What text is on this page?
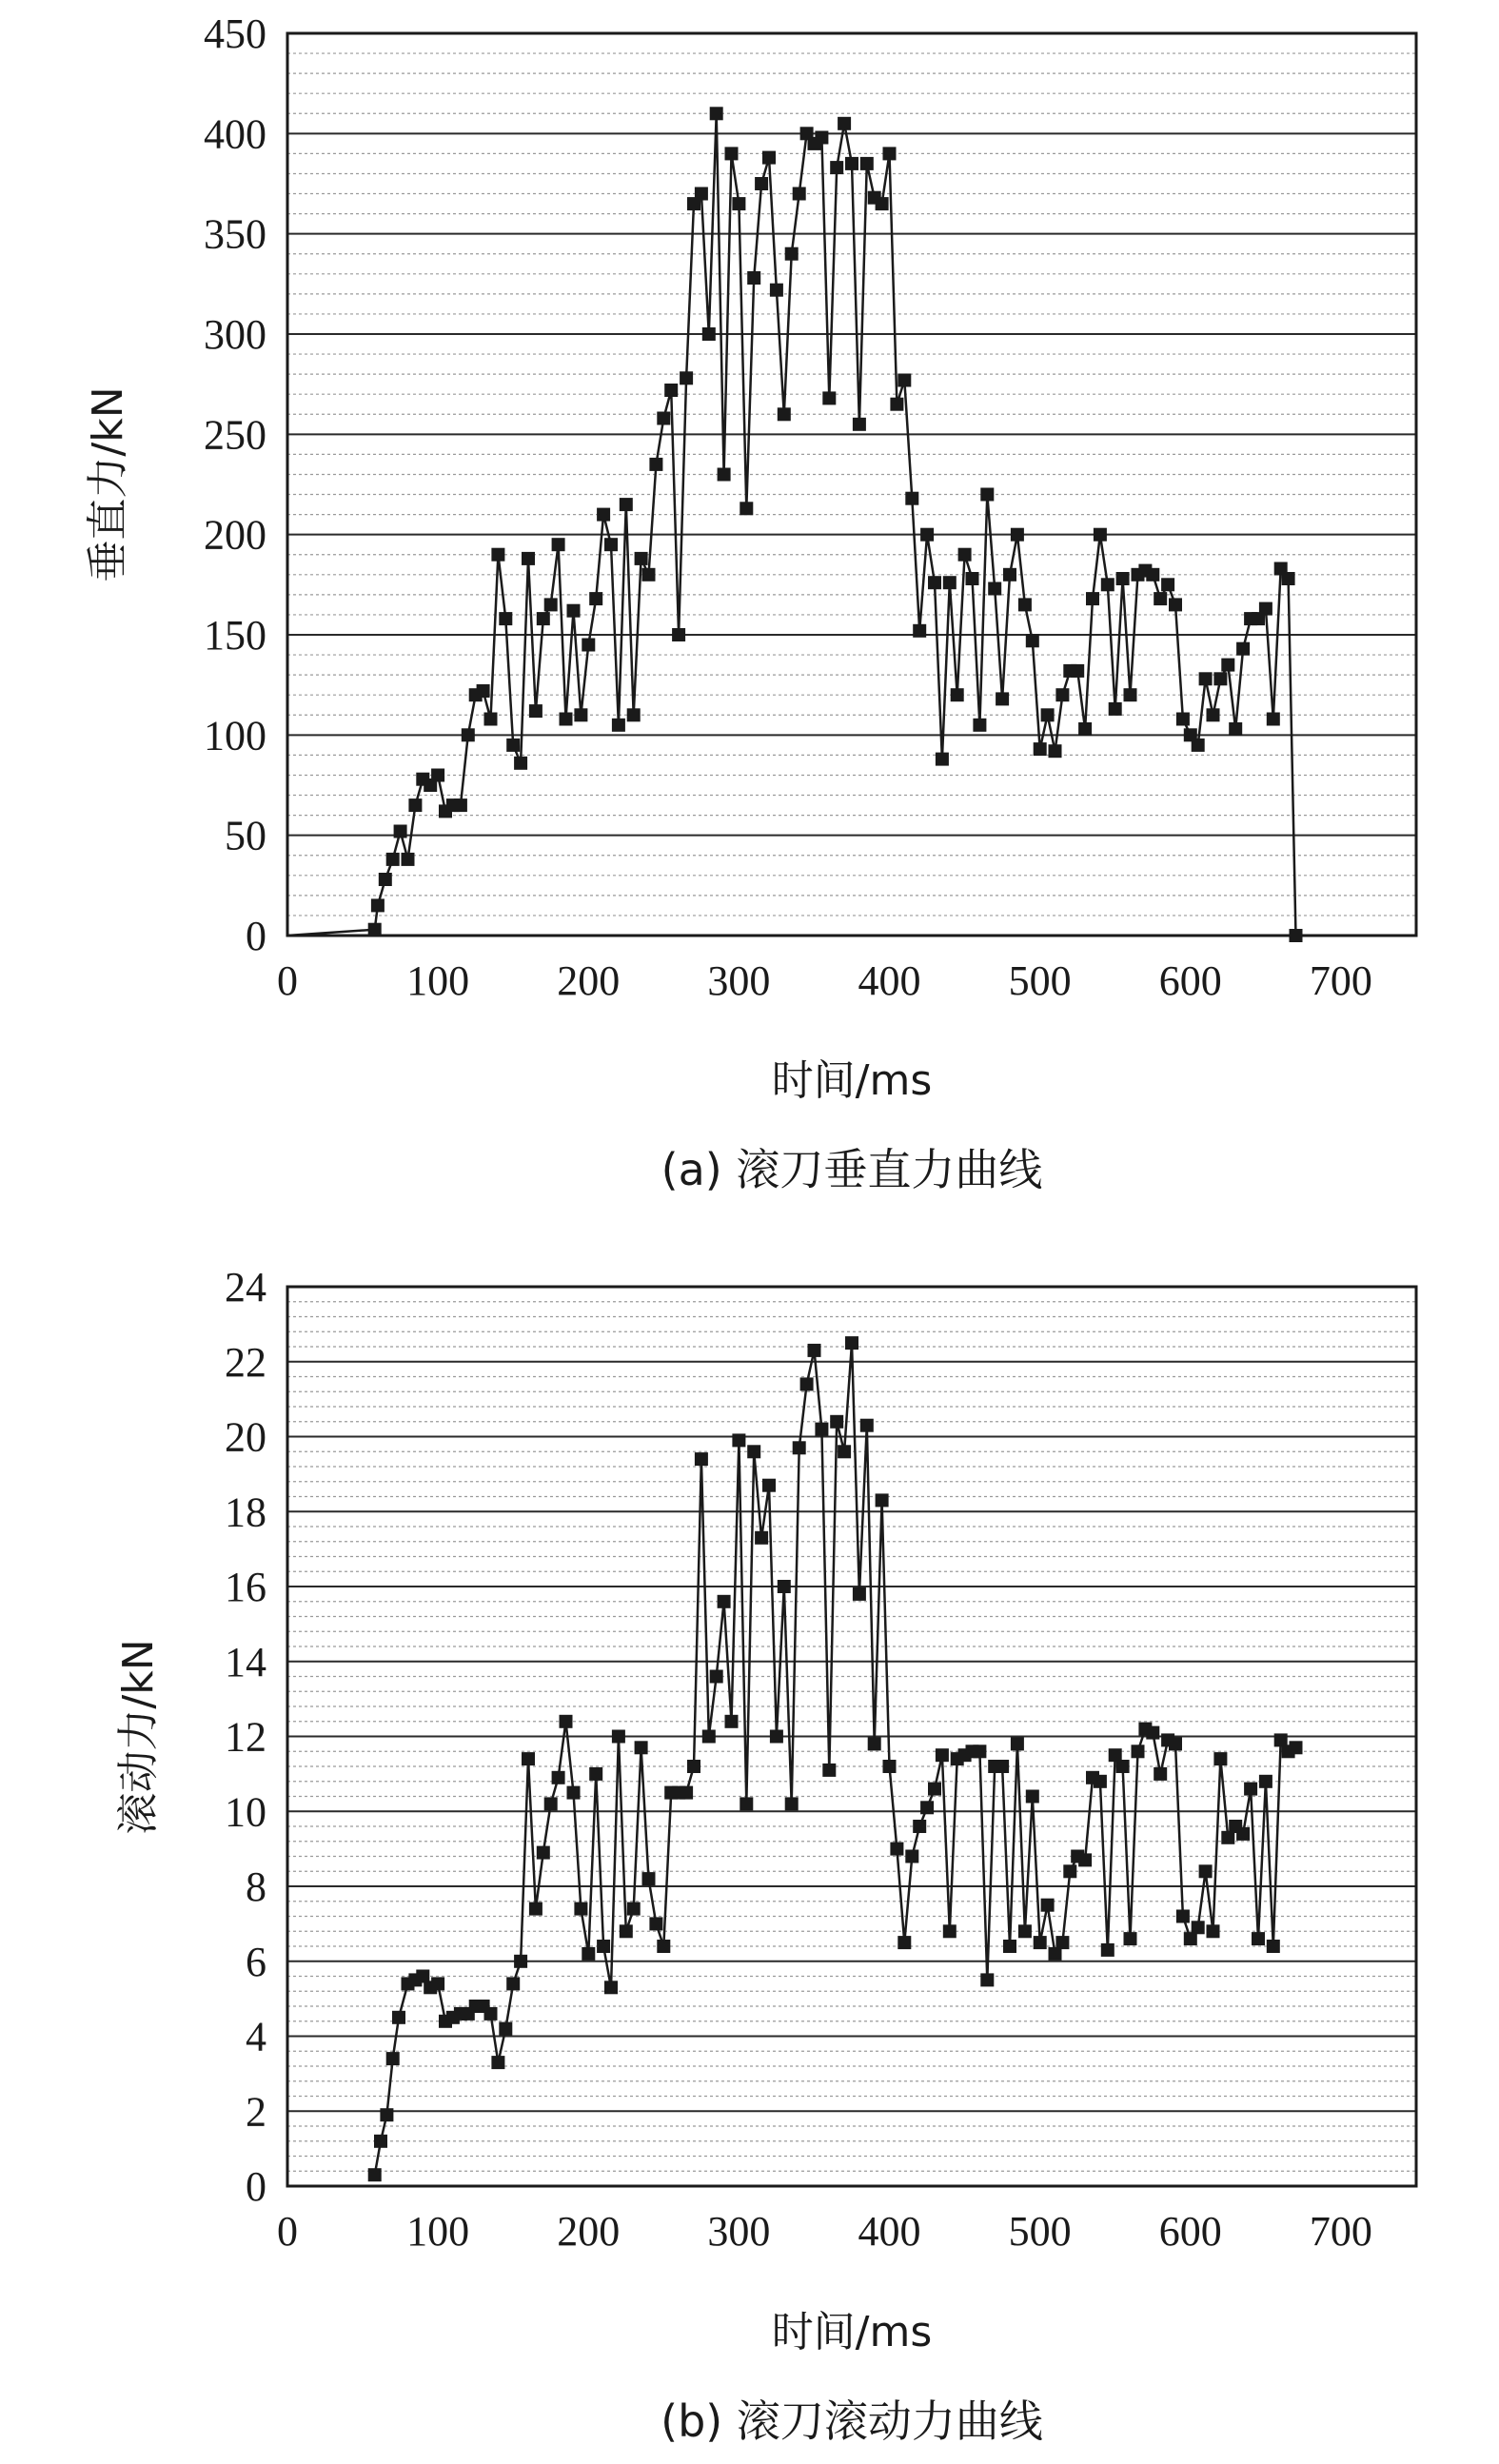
0
50
100
150
200
250
300
350
400
450
0	100 200 300 400 500 600 700
垂直力/kN
时间/ms
(a) 滚刀垂直力曲线
0
2
4
6
8
10
12
14
16
18
20
22
24
0	100 200 300 400 500 600 700
滚动力/kN
时间/ms
(b) 滚刀滚动力曲线
